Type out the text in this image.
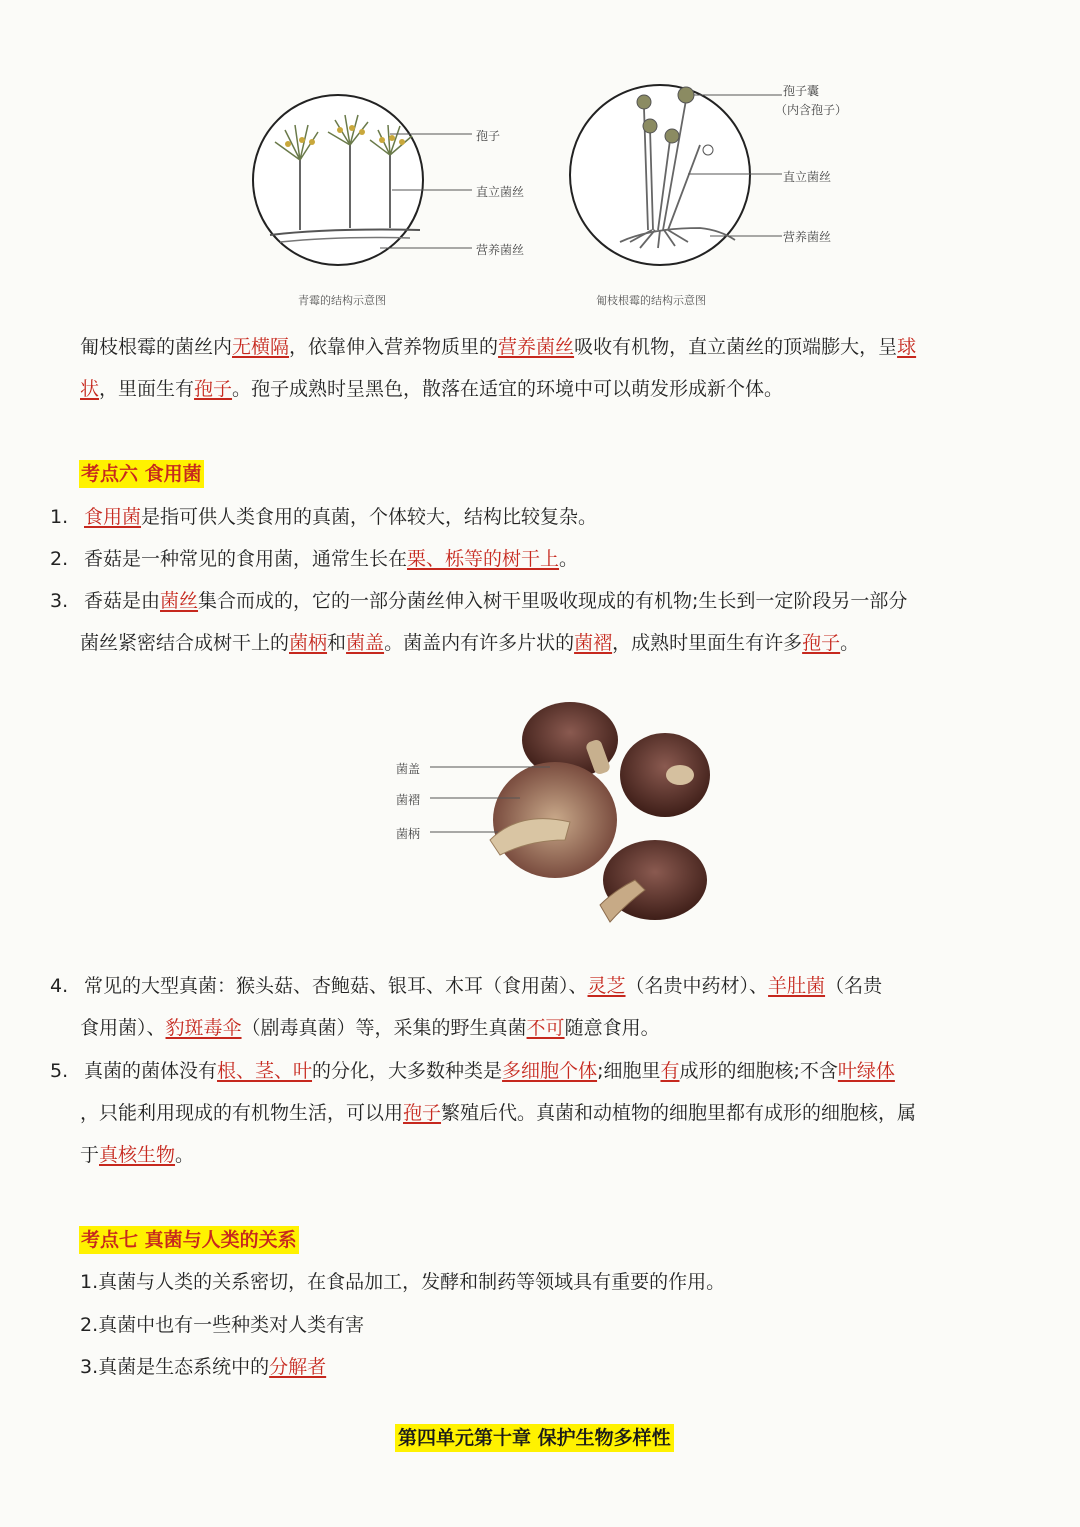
孢子
直立菌丝
营养菌丝
青霉的结构示意图
孢子囊
（内含孢子）
直立菌丝
营养菌丝
匍枝根霉的结构示意图
匍枝根霉的菌丝内无横隔，依靠伸入营养物质里的营养菌丝吸收有机物，直立菌丝的顶端膨大，呈球
状，里面生有孢子。孢子成熟时呈黑色，散落在适宜的环境中可以萌发形成新个体。
考点六 食用菌
1. 食用菌是指可供人类食用的真菌，个体较大，结构比较复杂。
2. 香菇是一种常见的食用菌，通常生长在栗、栎等的树干上。
3. 香菇是由菌丝集合而成的，它的一部分菌丝伸入树干里吸收现成的有机物;生长到一定阶段另一部分
菌丝紧密结合成树干上的菌柄和菌盖。菌盖内有许多片状的菌褶，成熟时里面生有许多孢子。
菌盖
菌褶
菌柄
4. 常见的大型真菌：猴头菇、杏鲍菇、银耳、木耳（食用菌）、灵芝（名贵中药材）、羊肚菌（名贵
食用菌）、豹斑毒伞（剧毒真菌）等，采集的野生真菌不可随意食用。
5. 真菌的菌体没有根、茎、叶的分化，大多数种类是多细胞个体;细胞里有成形的细胞核;不含叶绿体
，只能利用现成的有机物生活，可以用孢子繁殖后代。真菌和动植物的细胞里都有成形的细胞核，属
于真核生物。
考点七 真菌与人类的关系
1.真菌与人类的关系密切，在食品加工，发酵和制药等领域具有重要的作用。
2.真菌中也有一些种类对人类有害
3.真菌是生态系统中的分解者
第四单元第十章 保护生物多样性
